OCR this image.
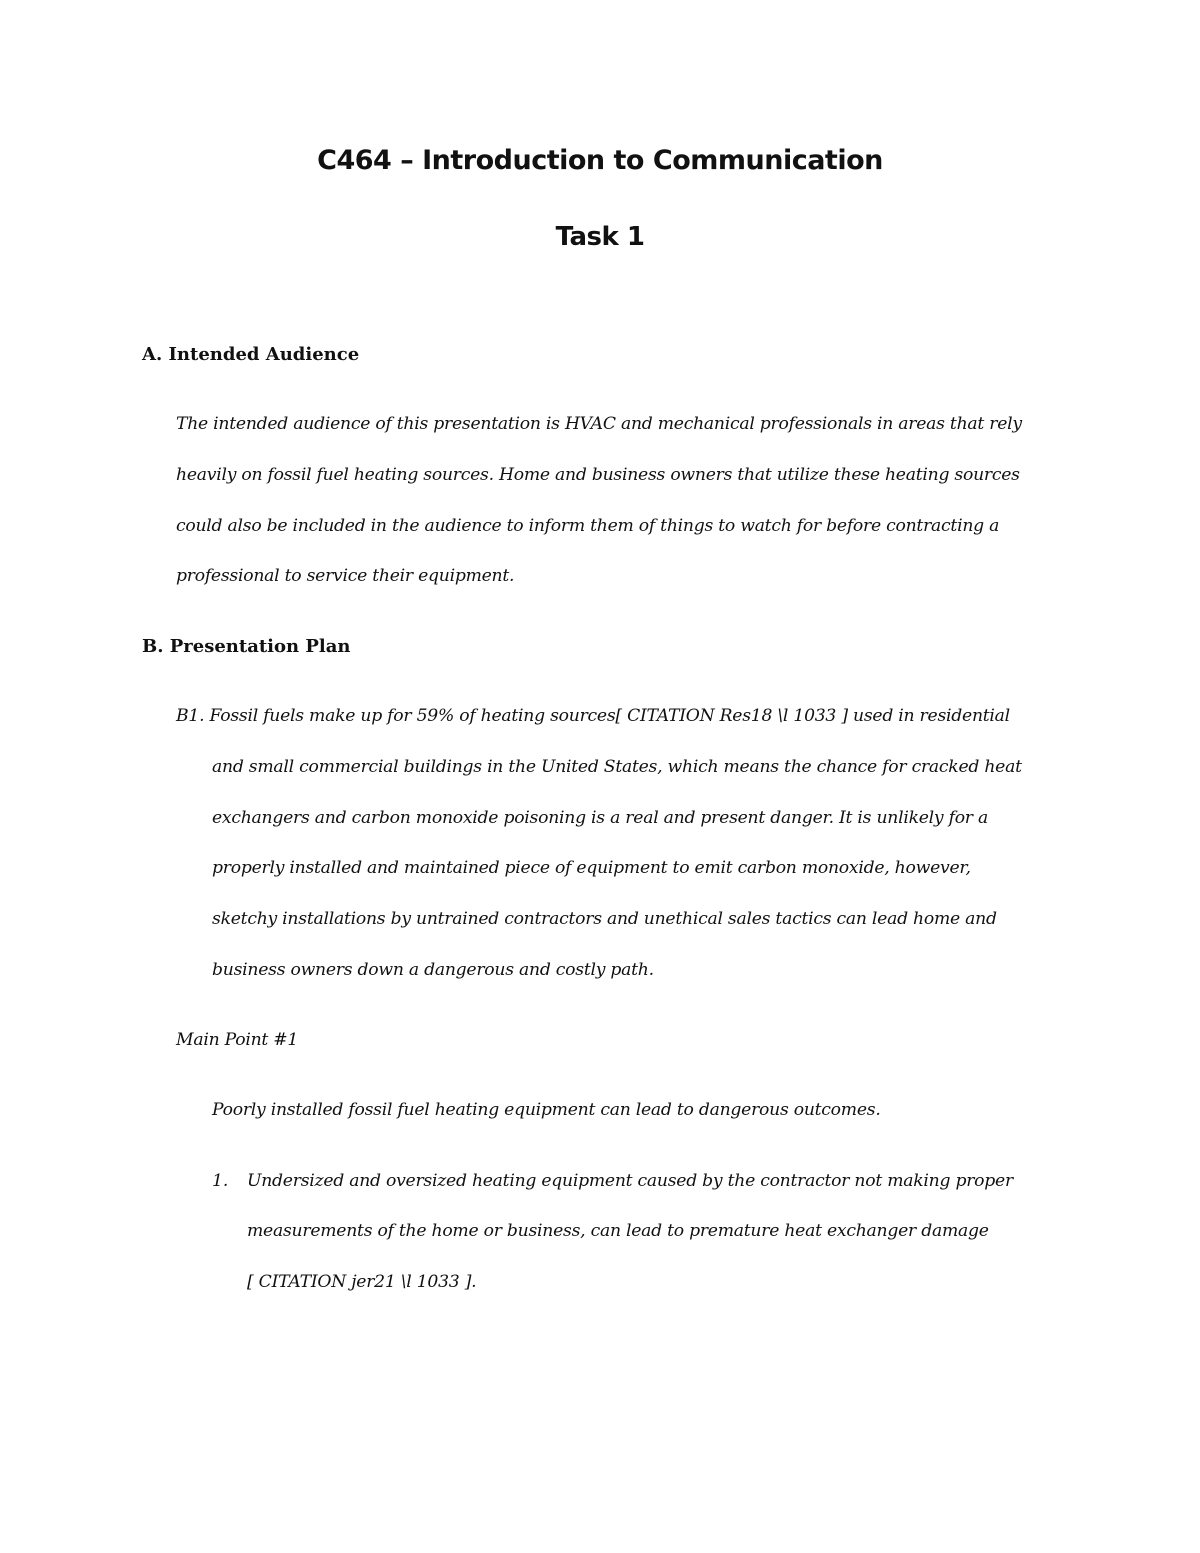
C464 – Introduction to Communication
Task 1
A. Intended Audience

The intended audience of this presentation is HVAC and mechanical professionals in areas that rely

heavily on fossil fuel heating sources. Home and business owners that utilize these heating sources

could also be included in the audience to inform them of things to watch for before contracting a

professional to service their equipment.

B. Presentation Plan

B1. Fossil fuels make up for 59% of heating sources[ CITATION Res18 \l 1033 ] used in residential

and small commercial buildings in the United States, which means the chance for cracked heat

exchangers and carbon monoxide poisoning is a real and present danger. It is unlikely for a

properly installed and maintained piece of equipment to emit carbon monoxide, however,

sketchy installations by untrained contractors and unethical sales tactics can lead home and

business owners down a dangerous and costly path.

Main Point #1

Poorly installed fossil fuel heating equipment can lead to dangerous outcomes.

1. Undersized and oversized heating equipment caused by the contractor not making proper

measurements of the home or business, can lead to premature heat exchanger damage

[ CITATION jer21 \l 1033 ].
